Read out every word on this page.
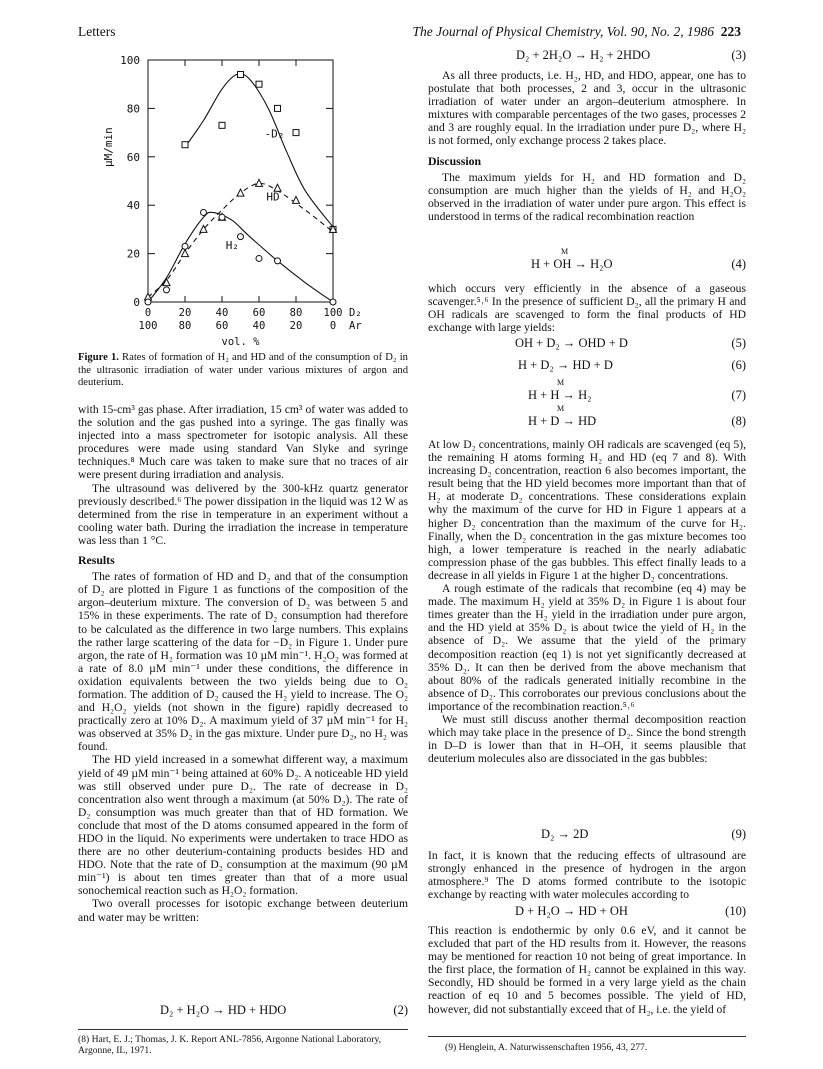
Letters	The Journal of Physical Chemistry, Vol. 90, No. 2, 1986 223
0
20
40
60
80
100
0
100
20
80
40
60
60
40
80
20
100
0
D₂
Ar
vol. %
µM/min	-D₂
HD
H₂
Figure 1. Rates of formation of H₂ and HD and of the consumption of D₂ in the ultrasonic irradiation of water under various mixtures of argon and deuterium.

with 15-cm³ gas phase. After irradiation, 15 cm³ of water was added to the solution and the gas pushed into a syringe. The gas finally was injected into a mass spectrometer for isotopic analysis. All these procedures were made using standard Van Slyke and syringe techniques.⁸ Much care was taken to make sure that no traces of air were present during irradiation and analysis.

The ultrasound was delivered by the 300-kHz quartz generator previously described.⁶ The power dissipation in the liquid was 12 W as determined from the rise in temperature in an experiment without a cooling water bath. During the irradiation the increase in temperature was less than 1 °C.

Results

The rates of formation of HD and D₂ and that of the consumption of D₂ are plotted in Figure 1 as functions of the composition of the argon–deuterium mixture. The conversion of D₂ was between 5 and 15% in these experiments. The rate of D₂ consumption had therefore to be calculated as the difference in two large numbers. This explains the rather large scattering of the data for −D₂ in Figure 1. Under pure argon, the rate of H₂ formation was 10 µM min⁻¹. H₂O₂ was formed at a rate of 8.0 µM min⁻¹ under these conditions, the difference in oxidation equivalents between the two yields being due to O₂ formation. The addition of D₂ caused the H₂ yield to increase. The O₂ and H₂O₂ yields (not shown in the figure) rapidly decreased to practically zero at 10% D₂. A maximum yield of 37 µM min⁻¹ for H₂ was observed at 35% D₂ in the gas mixture. Under pure D₂, no H₂ was found.

The HD yield increased in a somewhat different way, a maximum yield of 49 µM min⁻¹ being attained at 60% D₂. A noticeable HD yield was still observed under pure D₂. The rate of decrease in D₂ concentration also went through a maximum (at 50% D₂). The rate of D₂ consumption was much greater than that of HD formation. We conclude that most of the D atoms consumed appeared in the form of HDO in the liquid. No experiments were undertaken to trace HDO as there are no other deuterium-containing products besides HD and HDO. Note that the rate of D₂ consumption at the maximum (90 µM min⁻¹) is about ten times greater than that of a more usual sonochemical reaction such as H₂O₂ formation.

Two overall processes for isotopic exchange between deuterium and water may be written:

D₂ + H₂O → HD + HDO	(2)
(8) Hart, E. J.; Thomas, J. K. Report ANL-7856, Argonne National Laboratory, Argonne, IL, 1971.
D₂ + 2H₂O → H₂ + 2HDO	(3)

As all three products, i.e. H₂, HD, and HDO, appear, one has to postulate that both processes, 2 and 3, occur in the ultrasonic irradiation of water under an argon–deuterium atmosphere. In mixtures with comparable percentages of the two gases, processes 2 and 3 are roughly equal. In the irradiation under pure D₂, where H₂ is not formed, only exchange process 2 takes place.

Discussion

The maximum yields for H₂ and HD formation and D₂ consumption are much higher than the yields of H₂ and H₂O₂ observed in the irradiation of water under pure argon. This effect is understood in terms of the radical recombination reaction

M
H + OH → H₂O	(4)

which occurs very efficiently in the absence of a gaseous scavenger.⁵˒⁶ In the presence of sufficient D₂, all the primary H and OH radicals are scavenged to form the final products of HD exchange with large yields:

OH + D₂ → OHD + D	(5)
H + D₂ → HD + D	(6)
M
H + H → H₂	(7)
M
H + D → HD	(8)

At low D₂ concentrations, mainly OH radicals are scavenged (eq 5), the remaining H atoms forming H₂ and HD (eq 7 and 8). With increasing D₂ concentration, reaction 6 also becomes important, the result being that the HD yield becomes more important than that of H₂ at moderate D₂ concentrations. These considerations explain why the maximum of the curve for HD in Figure 1 appears at a higher D₂ concentration than the maximum of the curve for H₂. Finally, when the D₂ concentration in the gas mixture becomes too high, a lower temperature is reached in the nearly adiabatic compression phase of the gas bubbles. This effect finally leads to a decrease in all yields in Figure 1 at the higher D₂ concentrations.

A rough estimate of the radicals that recombine (eq 4) may be made. The maximum H₂ yield at 35% D₂ in Figure 1 is about four times greater than the H₂ yield in the irradiation under pure argon, and the HD yield at 35% D₂ is about twice the yield of H₂ in the absence of D₂. We assume that the yield of the primary decomposition reaction (eq 1) is not yet significantly decreased at 35% D₂. It can then be derived from the above mechanism that about 80% of the radicals generated initially recombine in the absence of D₂. This corroborates our previous conclusions about the importance of the recombination reaction.⁵˒⁶

We must still discuss another thermal decomposition reaction which may take place in the presence of D₂. Since the bond strength in D–D is lower than that in H–OH, it seems plausible that deuterium molecules also are dissociated in the gas bubbles:

D₂ → 2D	(9)

In fact, it is known that the reducing effects of ultrasound are strongly enhanced in the presence of hydrogen in the argon atmosphere.⁹ The D atoms formed contribute to the isotopic exchange by reacting with water molecules according to

D + H₂O → HD + OH	(10)

This reaction is endothermic by only 0.6 eV, and it cannot be excluded that part of the HD results from it. However, the reasons may be mentioned for reaction 10 not being of great importance. In the first place, the formation of H₂ cannot be explained in this way. Secondly, HD should be formed in a very large yield as the chain reaction of eq 10 and 5 becomes possible. The yield of HD, however, did not substantially exceed that of H₂, i.e. the yield of

(9) Henglein, A. Naturwissenschaften 1956, 43, 277.
